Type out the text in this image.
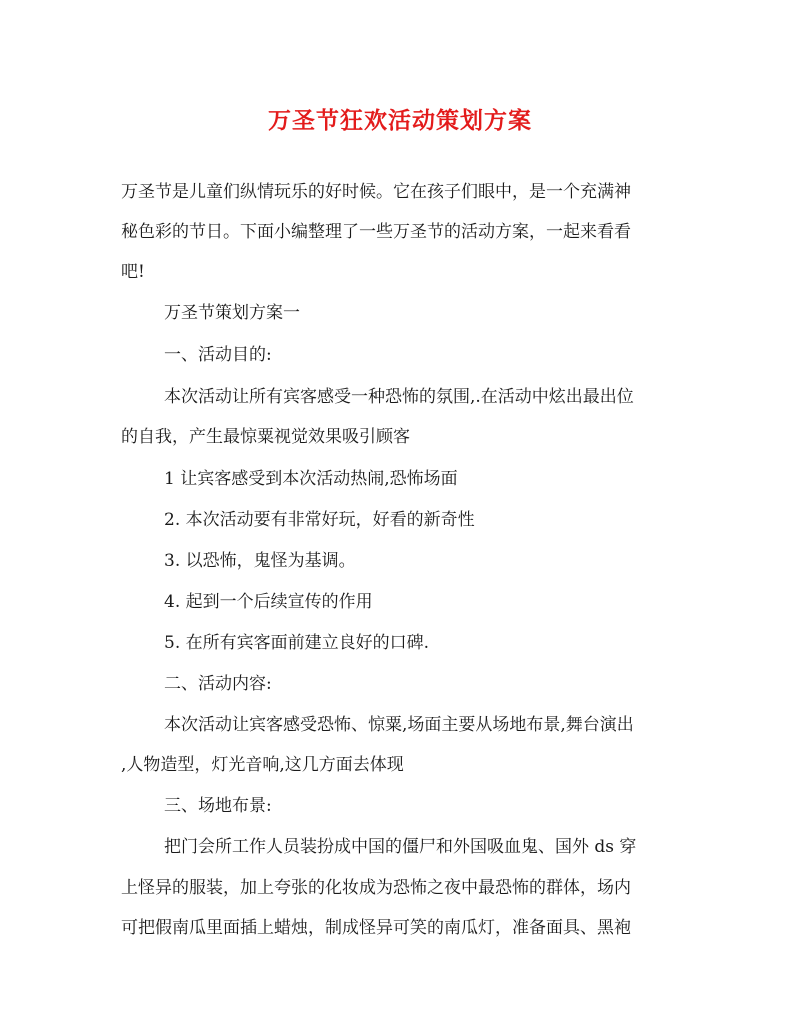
万圣节狂欢活动策划方案

万圣节是儿童们纵情玩乐的好时候。它在孩子们眼中，是一个充满神

秘色彩的节日。下面小编整理了一些万圣节的活动方案，一起来看看

吧!

万圣节策划方案一

一、活动目的:

本次活动让所有宾客感受一种恐怖的氛围,.在活动中炫出最出位

的自我，产生最惊粟视觉效果吸引顾客

1 让宾客感受到本次活动热闹,恐怖场面

2. 本次活动要有非常好玩，好看的新奇性

3. 以恐怖，鬼怪为基调。

4. 起到一个后续宣传的作用

5. 在所有宾客面前建立良好的口碑.

二、活动内容:

本次活动让宾客感受恐怖、惊粟,场面主要从场地布景,舞台演出

,人物造型，灯光音响,这几方面去体现

三、场地布景:

把门会所工作人员装扮成中国的僵尸和外国吸血鬼、国外 ds 穿

上怪异的服装，加上夸张的化妆成为恐怖之夜中最恐怖的群体，场内

可把假南瓜里面插上蜡烛，制成怪异可笑的南瓜灯，准备面具、黑袍
